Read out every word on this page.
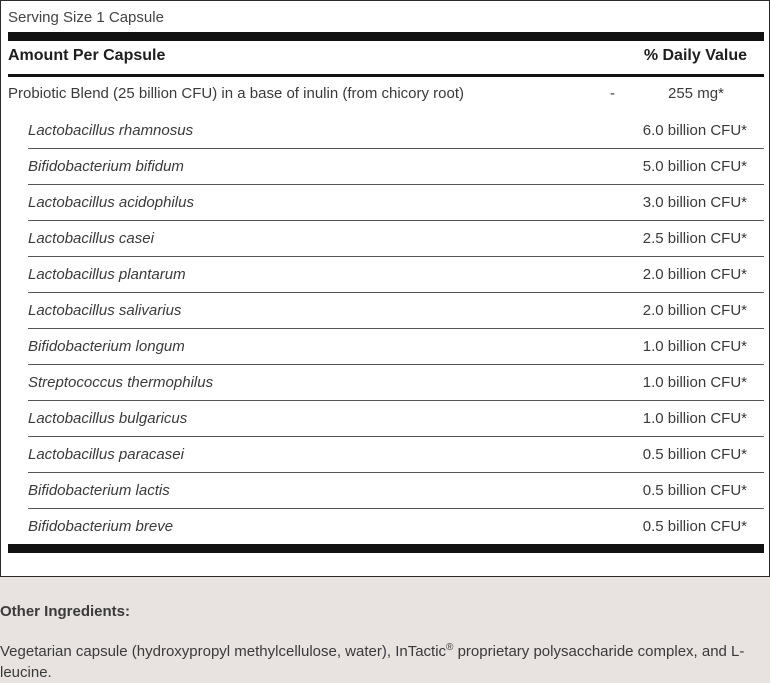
Serving Size 1 Capsule
Amount Per Capsule	% Daily Value
Probiotic Blend (25 billion CFU) in a base of inulin (from chicory root)	-	255 mg*
Lactobacillus rhamnosus	6.0 billion CFU*
Bifidobacterium bifidum	5.0 billion CFU*
Lactobacillus acidophilus	3.0 billion CFU*
Lactobacillus casei	2.5 billion CFU*
Lactobacillus plantarum	2.0 billion CFU*
Lactobacillus salivarius	2.0 billion CFU*
Bifidobacterium longum	1.0 billion CFU*
Streptococcus thermophilus	1.0 billion CFU*
Lactobacillus bulgaricus	1.0 billion CFU*
Lactobacillus paracasei	0.5 billion CFU*
Bifidobacterium lactis	0.5 billion CFU*
Bifidobacterium breve	0.5 billion CFU*
Other Ingredients:
Vegetarian capsule (hydroxypropyl methylcellulose, water), InTactic® proprietary polysaccharide complex, and L-leucine.
